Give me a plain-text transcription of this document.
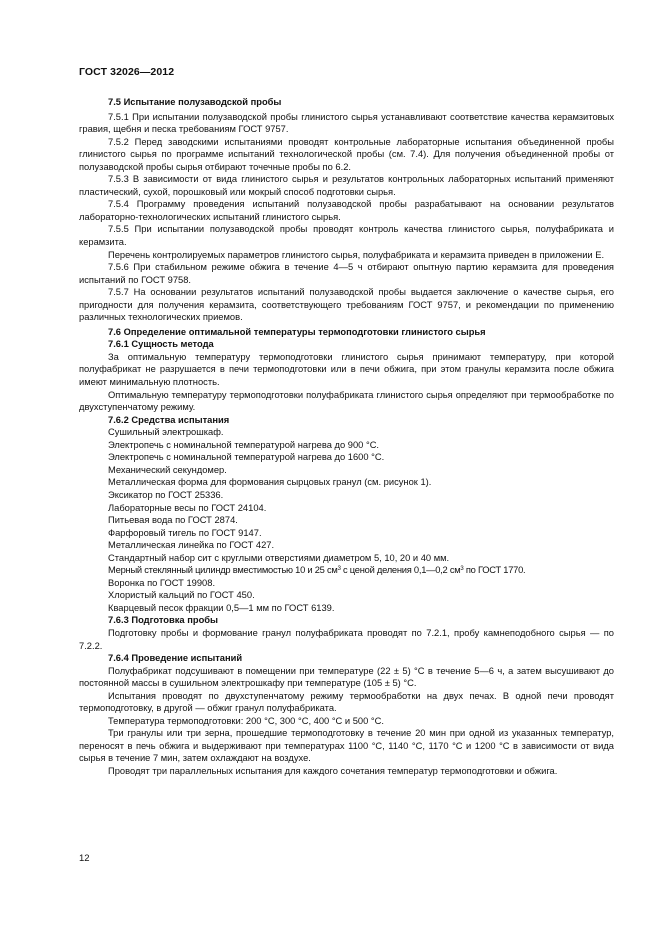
ГОСТ 32026—2012

7.5 Испытание полузаводской пробы

7.5.1 При испытании полузаводской пробы глинистого сырья устанавливают соответствие качества керамзитовых гравия, щебня и песка требованиям ГОСТ 9757.

7.5.2 Перед заводскими испытаниями проводят контрольные лабораторные испытания объединенной пробы глинистого сырья по программе испытаний технологической пробы (см. 7.4). Для получения объединенной пробы от полузаводской пробы сырья отбирают точечные пробы по 6.2.

7.5.3 В зависимости от вида глинистого сырья и результатов контрольных лабораторных испытаний применяют пластический, сухой, порошковый или мокрый способ подготовки сырья.

7.5.4 Программу проведения испытаний полузаводской пробы разрабатывают на основании результатов лабораторно-технологических испытаний глинистого сырья.

7.5.5 При испытании полузаводской пробы проводят контроль качества глинистого сырья, полуфабриката и керамзита.

Перечень контролируемых параметров глинистого сырья, полуфабриката и керамзита приведен в приложении Е.

7.5.6 При стабильном режиме обжига в течение 4—5 ч отбирают опытную партию керамзита для проведения испытаний по ГОСТ 9758.

7.5.7 На основании результатов испытаний полузаводской пробы выдается заключение о качестве сырья, его пригодности для получения керамзита, соответствующего требованиям ГОСТ 9757, и рекомендации по применению различных технологических приемов.

7.6 Определение оптимальной температуры термоподготовки глинистого сырья

7.6.1 Сущность метода

За оптимальную температуру термоподготовки глинистого сырья принимают температуру, при которой полуфабрикат не разрушается в печи термоподготовки или в печи обжига, при этом гранулы керамзита после обжига имеют минимальную плотность.

Оптимальную температуру термоподготовки полуфабриката глинистого сырья определяют при термообработке по двухступенчатому режиму.

7.6.2 Средства испытания

Сушильный электрошкаф.

Электропечь с номинальной температурой нагрева до 900 °С.

Электропечь с номинальной температурой нагрева до 1600 °С.

Механический секундомер.

Металлическая форма для формования сырцовых гранул (см. рисунок 1).

Эксикатор по ГОСТ 25336.

Лабораторные весы по ГОСТ 24104.

Питьевая вода по ГОСТ 2874.

Фарфоровый тигель по ГОСТ 9147.

Металлическая линейка по ГОСТ 427.

Стандартный набор сит с круглыми отверстиями диаметром 5, 10, 20 и 40 мм.

Мерный стеклянный цилиндр вместимостью 10 и 25 $см^3$ с ценой деления 0,1—0,2 $см^3$ по ГОСТ 1770.

Воронка по ГОСТ 19908.

Хлористый кальций по ГОСТ 450.

Кварцевый песок фракции 0,5—1 мм по ГОСТ 6139.

7.6.3 Подготовка пробы

Подготовку пробы и формование гранул полуфабриката проводят по 7.2.1, пробу камнеподобного сырья — по 7.2.2.

7.6.4 Проведение испытаний

Полуфабрикат подсушивают в помещении при температуре (22 ± 5) °С в течение 5—6 ч, а затем высушивают до постоянной массы в сушильном электрошкафу при температуре (105 ± 5) °С.

Испытания проводят по двухступенчатому режиму термообработки на двух печах. В одной печи проводят термоподготовку, в другой — обжиг гранул полуфабриката.

Температура термоподготовки: 200 °С, 300 °С, 400 °С и 500 °С.

Три гранулы или три зерна, прошедшие термоподготовку в течение 20 мин при одной из указанных температур, переносят в печь обжига и выдерживают при температурах 1100 °С, 1140 °С, 1170 °С и 1200 °С в зависимости от вида сырья в течение 7 мин, затем охлаждают на воздухе.

Проводят три параллельных испытания для каждого сочетания температур термоподготовки и обжига.

12
